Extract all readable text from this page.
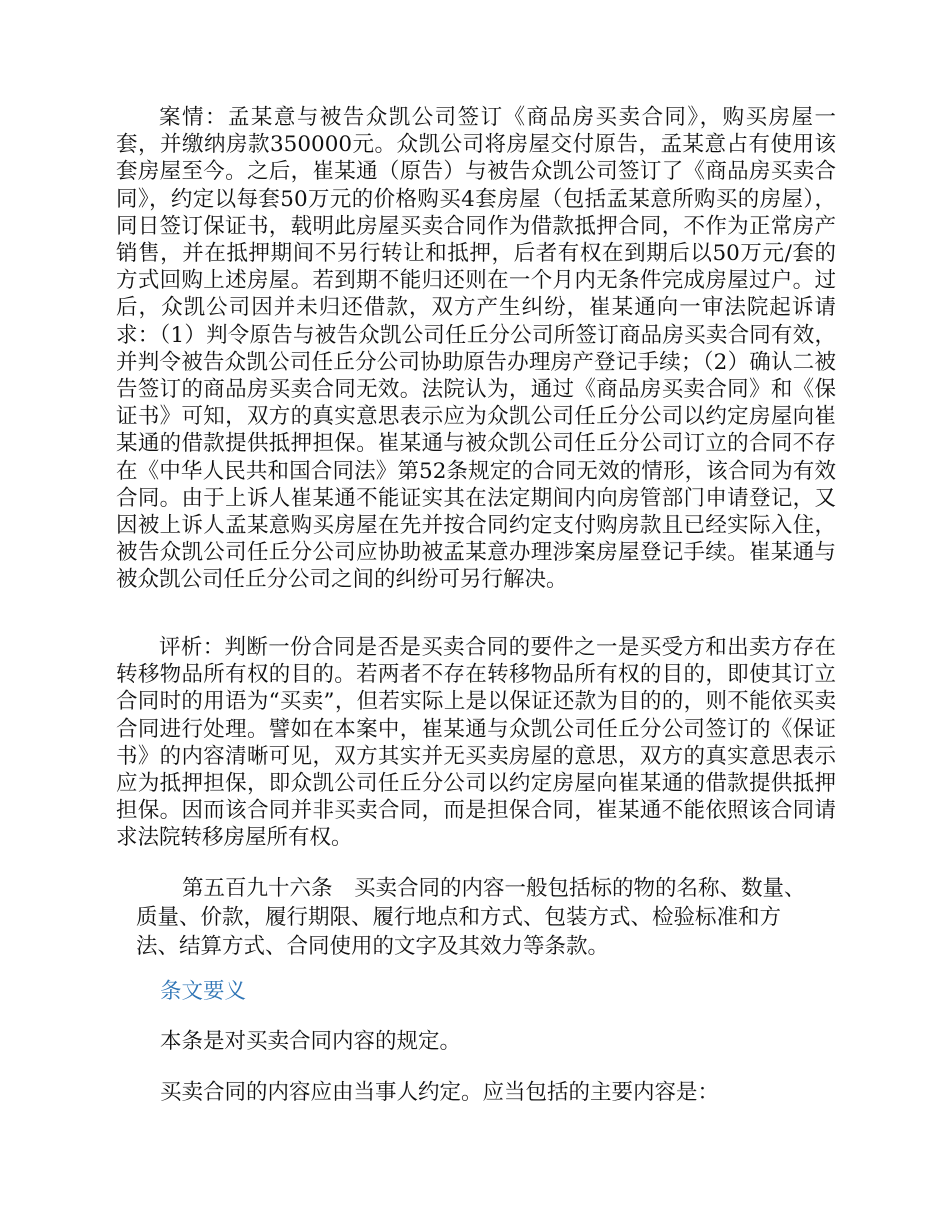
案情：孟某意与被告众凯公司签订《商品房买卖合同》，购买房屋一套，并缴纳房款350000元。众凯公司将房屋交付原告，孟某意占有使用该套房屋至今。之后，崔某通（原告）与被告众凯公司签订了《商品房买卖合同》，约定以每套50万元的价格购买4套房屋（包括孟某意所购买的房屋），同日签订保证书，载明此房屋买卖合同作为借款抵押合同，不作为正常房产销售，并在抵押期间不另行转让和抵押，后者有权在到期后以50万元/套的方式回购上述房屋。若到期不能归还则在一个月内无条件完成房屋过户。过后，众凯公司因并未归还借款，双方产生纠纷，崔某通向一审法院起诉请求：（1）判令原告与被告众凯公司任丘分公司所签订商品房买卖合同有效，并判令被告众凯公司任丘分公司协助原告办理房产登记手续；（2）确认二被告签订的商品房买卖合同无效。法院认为，通过《商品房买卖合同》和《保证书》可知，双方的真实意思表示应为众凯公司任丘分公司以约定房屋向崔某通的借款提供抵押担保。崔某通与被众凯公司任丘分公司订立的合同不存在《中华人民共和国合同法》第52条规定的合同无效的情形，该合同为有效合同。由于上诉人崔某通不能证实其在法定期间内向房管部门申请登记，又因被上诉人孟某意购买房屋在先并按合同约定支付购房款且已经实际入住，被告众凯公司任丘分公司应协助被孟某意办理涉案房屋登记手续。崔某通与被众凯公司任丘分公司之间的纠纷可另行解决。

评析：判断一份合同是否是买卖合同的要件之一是买受方和出卖方存在转移物品所有权的目的。若两者不存在转移物品所有权的目的，即使其订立合同时的用语为“买卖”，但若实际上是以保证还款为目的的，则不能依买卖合同进行处理。譬如在本案中，崔某通与众凯公司任丘分公司签订的《保证书》的内容清晰可见，双方其实并无买卖房屋的意思，双方的真实意思表示应为抵押担保，即众凯公司任丘分公司以约定房屋向崔某通的借款提供抵押担保。因而该合同并非买卖合同，而是担保合同，崔某通不能依照该合同请求法院转移房屋所有权。

第五百九十六条　买卖合同的内容一般包括标的物的名称、数量、质量、价款，履行期限、履行地点和方式、包装方式、检验标准和方法、结算方式、合同使用的文字及其效力等条款。

条文要义

本条是对买卖合同内容的规定。

买卖合同的内容应由当事人约定。应当包括的主要内容是：
